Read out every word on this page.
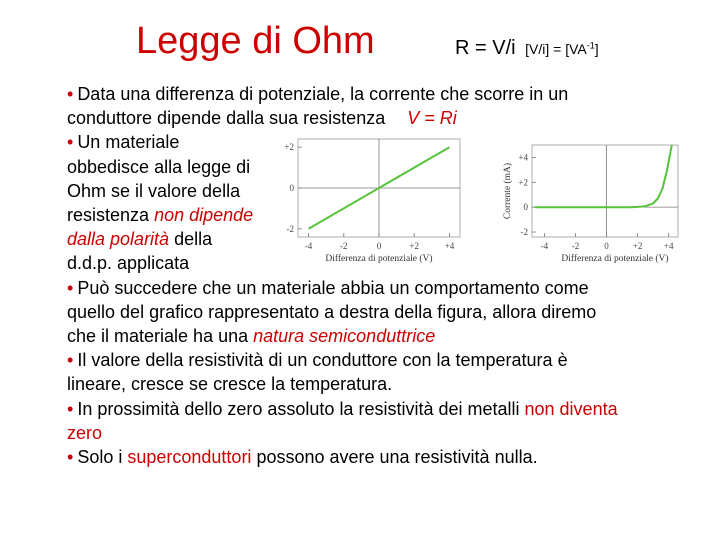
Legge di Ohm	R = V/i $[V/i] = [VA^{-1}]$
• Data una differenza di potenziale, la corrente che scorre in un
conduttore dipende dalla sua resistenza V = Ri
• Un materiale
obbedisce alla legge di
Ohm se il valore della
resistenza non dipende
dalla polarità della
d.d.p. applicata
• Può succedere che un materiale abbia un comportamento come
quello del grafico rappresentato a destra della figura, allora diremo
che il materiale ha una natura semiconduttrice
• Il valore della resistività di un conduttore con la temperatura è
lineare, cresce se cresce la temperatura.
• In prossimità dello zero assoluto la resistività dei metalli non diventa
zero
• Solo i superconduttori possono avere una resistività nulla.
+2
0
-2
-4	-2	0	+2	+4
Differenza di potenziale (V)
+4
+2
0
-2
-4	-2	0	+2 +4
Differenza di potenziale (V)
Corrente (mA)
